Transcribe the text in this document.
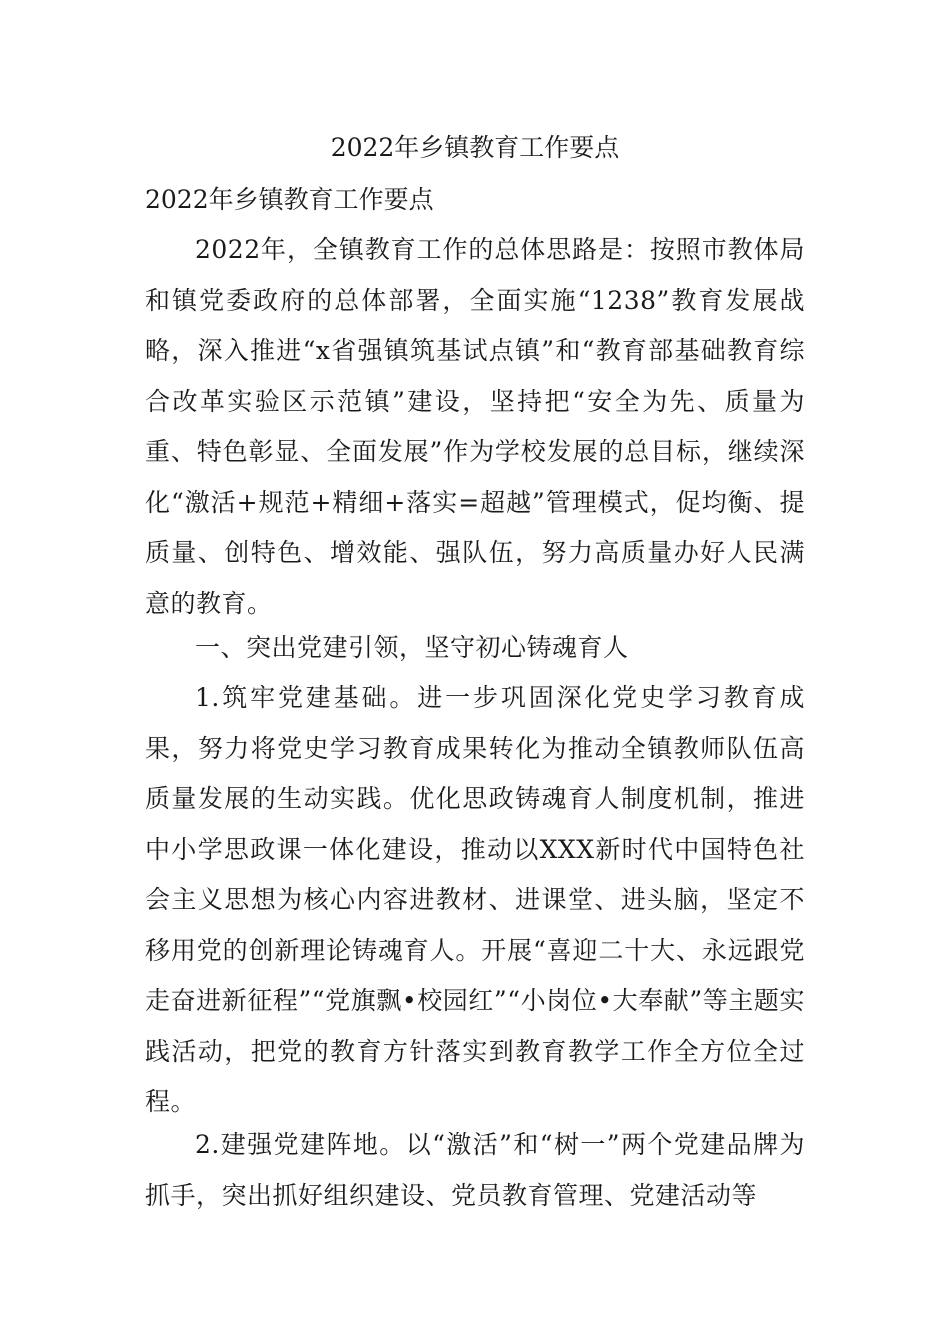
2022年乡镇教育工作要点

2022年乡镇教育工作要点

2022年，全镇教育工作的总体思路是：按照市教体局和镇党委政府的总体部署，全面实施“1238”教育发展战略，深入推进“x省强镇筑基试点镇”和“教育部基础教育综合改革实验区示范镇”建设，坚持把“安全为先、质量为重、特色彰显、全面发展”作为学校发展的总目标，继续深化“激活+规范+精细+落实=超越”管理模式，促均衡、提质量、创特色、增效能、强队伍，努力高质量办好人民满意的教育。

一、突出党建引领，坚守初心铸魂育人

1.筑牢党建基础。进一步巩固深化党史学习教育成果，努力将党史学习教育成果转化为推动全镇教师队伍高质量发展的生动实践。优化思政铸魂育人制度机制，推进中小学思政课一体化建设，推动以XXX新时代中国特色社会主义思想为核心内容进教材、进课堂、进头脑，坚定不移用党的创新理论铸魂育人。开展“喜迎二十大、永远跟党走奋进新征程”“党旗飘•校园红”“小岗位•大奉献”等主题实践活动，把党的教育方针落实到教育教学工作全方位全过程。

2.建强党建阵地。以“激活”和“树一”两个党建品牌为抓手，突出抓好组织建设、党员教育管理、党建活动等
